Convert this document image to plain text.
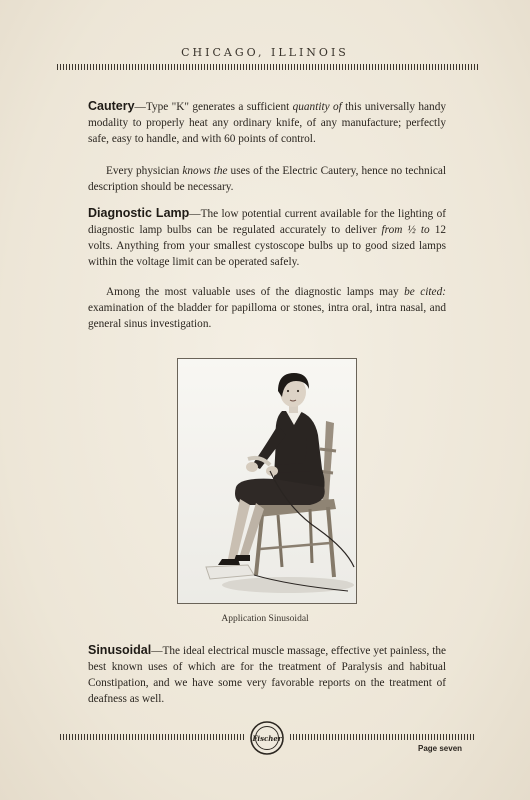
CHICAGO, ILLINOIS

Cautery—Type "K" generates a sufficient quantity of this universally handy modality to properly heat any ordinary knife, of any manufacture; perfectly safe, easy to handle, and with 60 points of control.

Every physician knows the uses of the Electric Cautery, hence no technical description should be necessary.

Diagnostic Lamp—The low potential current available for the lighting of diagnostic lamp bulbs can be regulated accurately to deliver from ½ to 12 volts. Anything from your smallest cystoscope bulbs up to good sized lamps within the voltage limit can be operated safely.

Among the most valuable uses of the diagnostic lamps may be cited: examination of the bladder for papilloma or stones, intra oral, intra nasal, and general sinus investigation.

Application Sinusoidal

Sinusoidal—The ideal electrical muscle massage, effective yet painless, the best known uses of which are for the treatment of Paralysis and habitual Constipation, and we have some very favorable reports on the treatment of deafness as well.

Fischer
Page seven
